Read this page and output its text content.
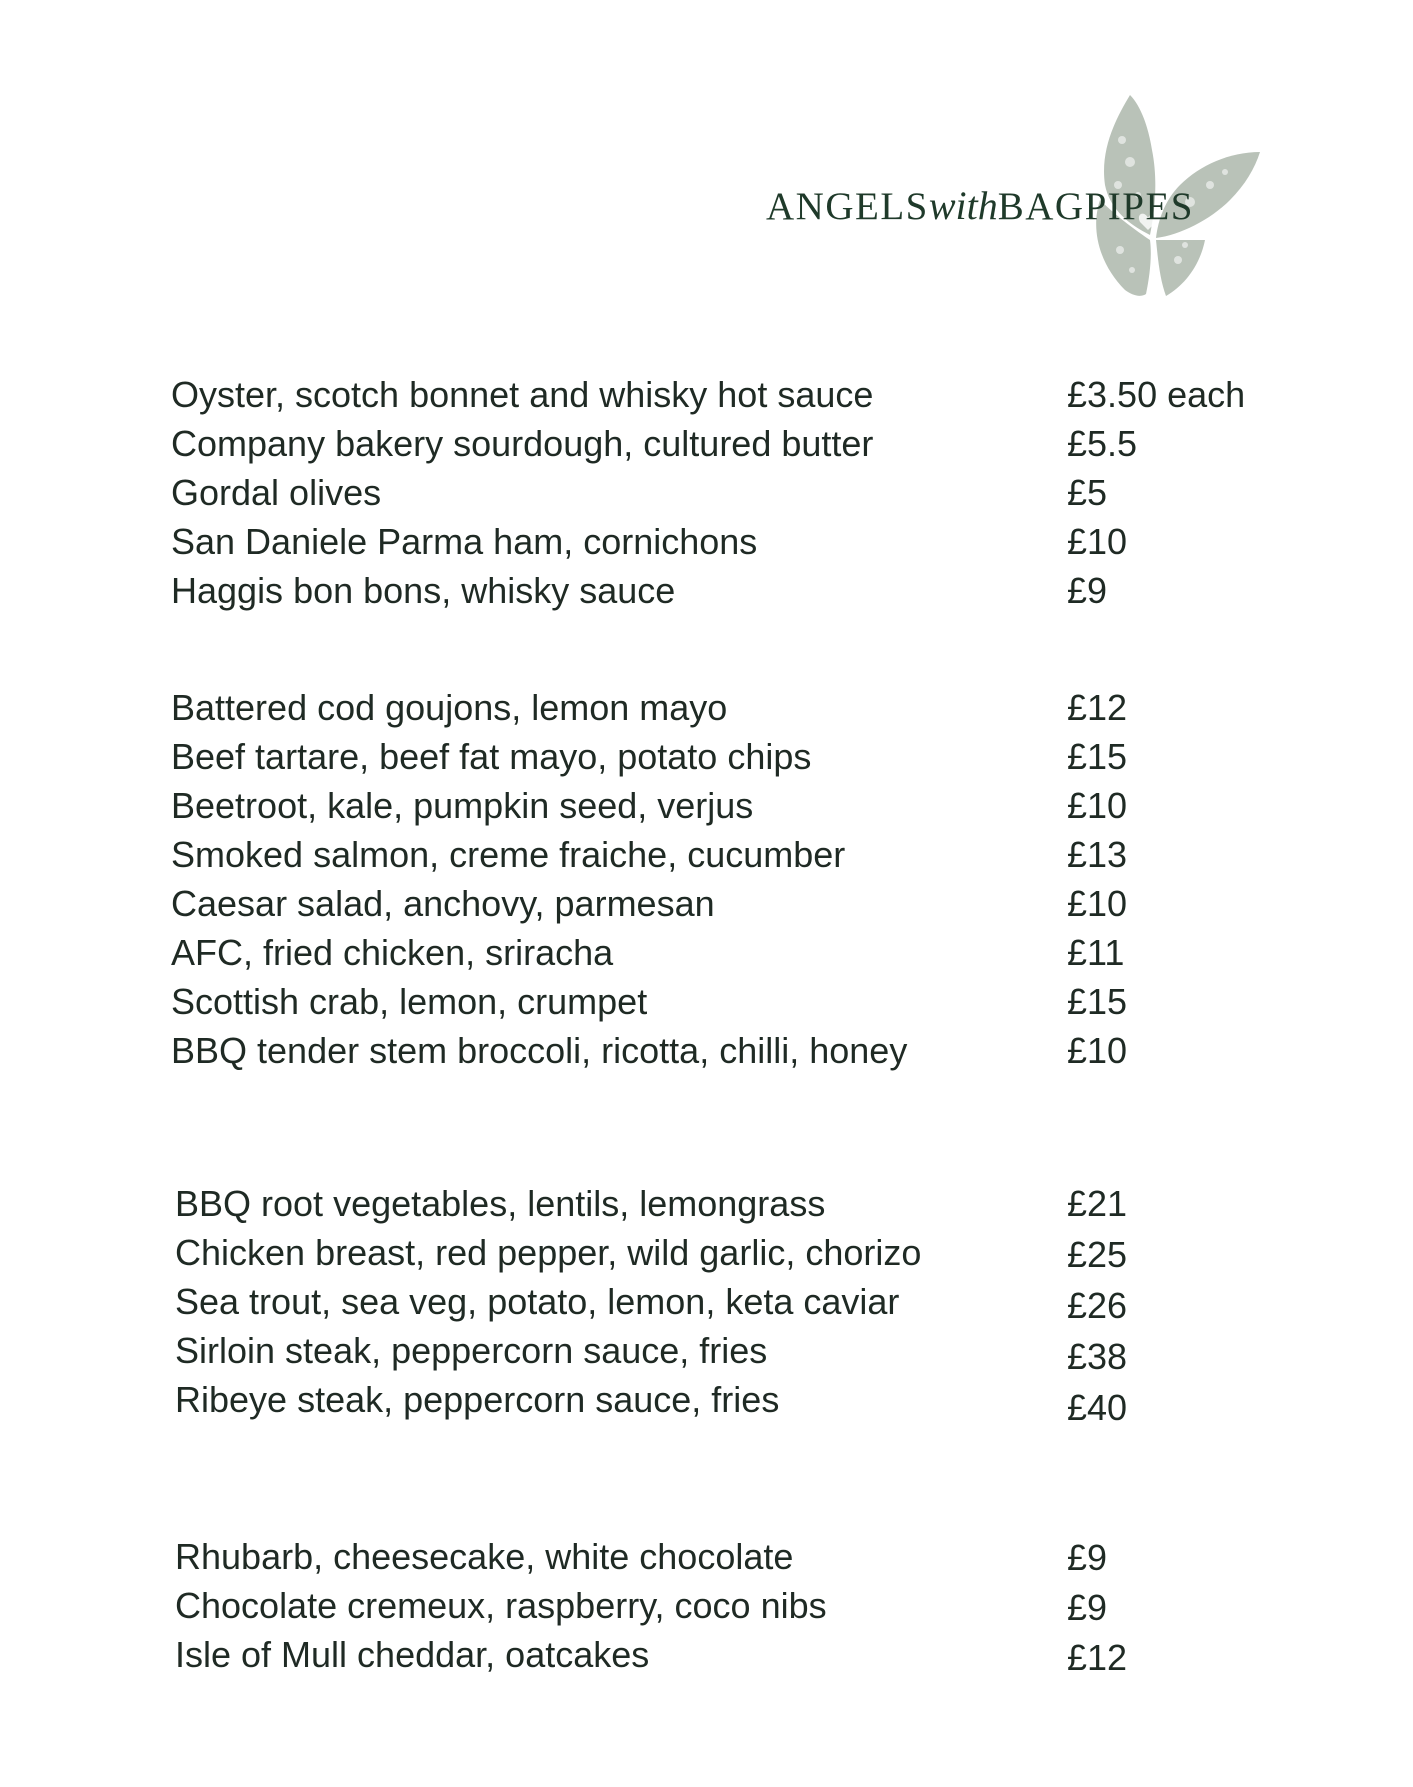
ANGELSwithBAGPIPES
Oyster, scotch bonnet and whisky hot sauce	£3.50 each
Company bakery sourdough, cultured butter	£5.5
Gordal olives	£5
San Daniele Parma ham, cornichons	£10
Haggis bon bons, whisky sauce	£9
Battered cod goujons, lemon mayo	£12
Beef tartare, beef fat mayo, potato chips	£15
Beetroot, kale, pumpkin seed, verjus	£10
Smoked salmon, creme fraiche, cucumber	£13
Caesar salad, anchovy, parmesan	£10
AFC, fried chicken, sriracha	£11
Scottish crab, lemon, crumpet	£15
BBQ tender stem broccoli, ricotta, chilli, honey	£10
BBQ root vegetables, lentils, lemongrass	£21
Chicken breast, red pepper, wild garlic, chorizo	£25
Sea trout, sea veg, potato, lemon, keta caviar	£26
Sirloin steak, peppercorn sauce, fries	£38
Ribeye steak, peppercorn sauce, fries	£40
Rhubarb, cheesecake, white chocolate	£9
Chocolate cremeux, raspberry, coco nibs	£9
Isle of Mull cheddar, oatcakes	£12
